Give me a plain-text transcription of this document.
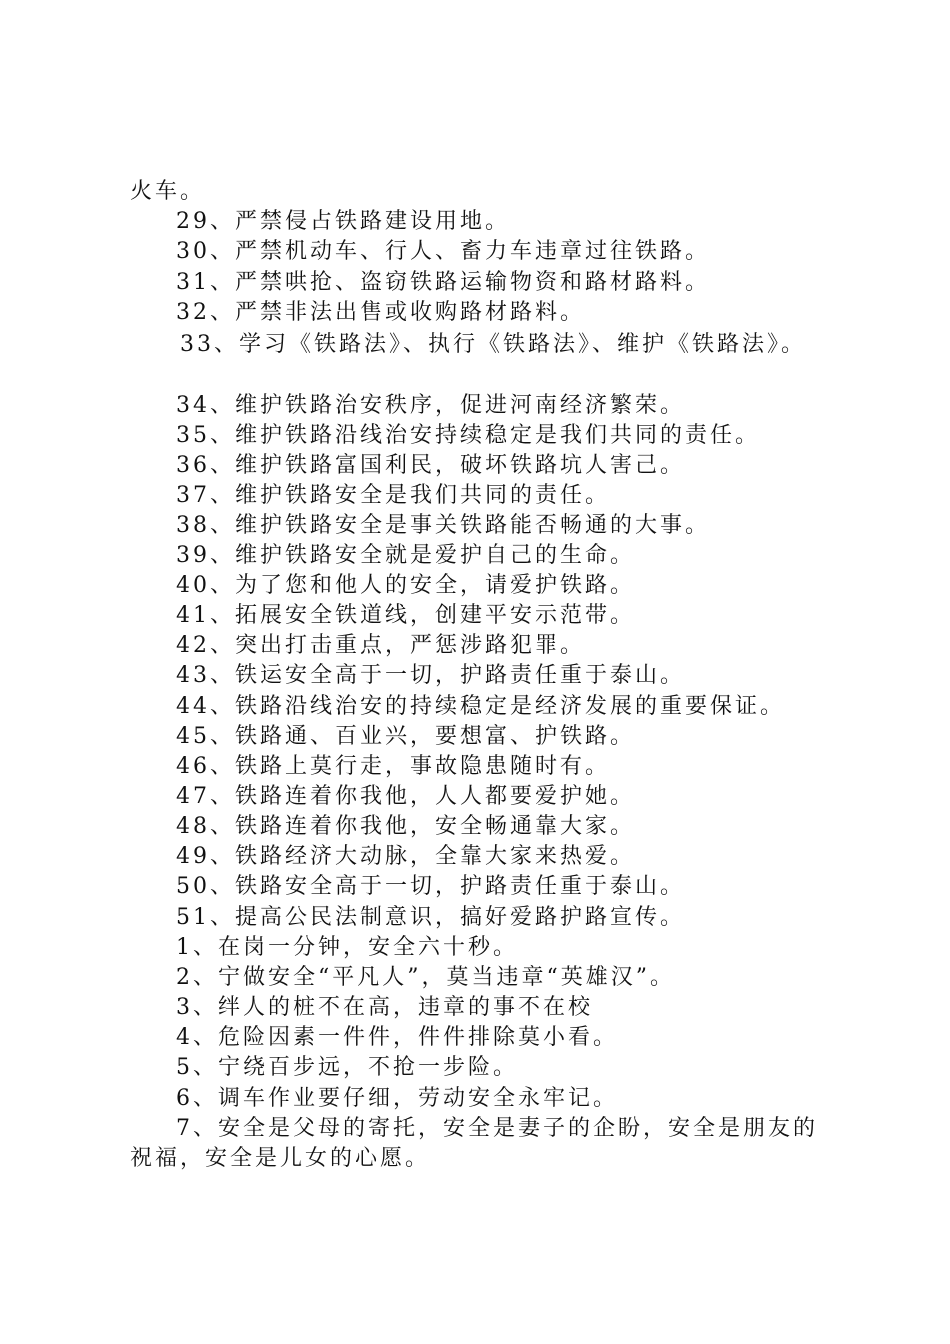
火车。
29、严禁侵占铁路建设用地。
30、严禁机动车、行人、畜力车违章过往铁路。
31、严禁哄抢、盗窃铁路运输物资和路材路料。
32、严禁非法出售或收购路材路料。
33、学习《铁路法》、执行《铁路法》、维护《铁路法》。
34、维护铁路治安秩序，促进河南经济繁荣。
35、维护铁路沿线治安持续稳定是我们共同的责任。
36、维护铁路富国利民，破坏铁路坑人害己。
37、维护铁路安全是我们共同的责任。
38、维护铁路安全是事关铁路能否畅通的大事。
39、维护铁路安全就是爱护自己的生命。
40、为了您和他人的安全，请爱护铁路。
41、拓展安全铁道线，创建平安示范带。
42、突出打击重点，严惩涉路犯罪。
43、铁运安全高于一切，护路责任重于泰山。
44、铁路沿线治安的持续稳定是经济发展的重要保证。
45、铁路通、百业兴，要想富、护铁路。
46、铁路上莫行走，事故隐患随时有。
47、铁路连着你我他，人人都要爱护她。
48、铁路连着你我他，安全畅通靠大家。
49、铁路经济大动脉，全靠大家来热爱。
50、铁路安全高于一切，护路责任重于泰山。
51、提高公民法制意识，搞好爱路护路宣传。
1、在岗一分钟，安全六十秒。
2、宁做安全“平凡人”，莫当违章“英雄汉”。
3、绊人的桩不在高，违章的事不在校
4、危险因素一件件，件件排除莫小看。
5、宁绕百步远，不抢一步险。
6、调车作业要仔细，劳动安全永牢记。
7、安全是父母的寄托，安全是妻子的企盼，安全是朋友的
祝福，安全是儿女的心愿。
